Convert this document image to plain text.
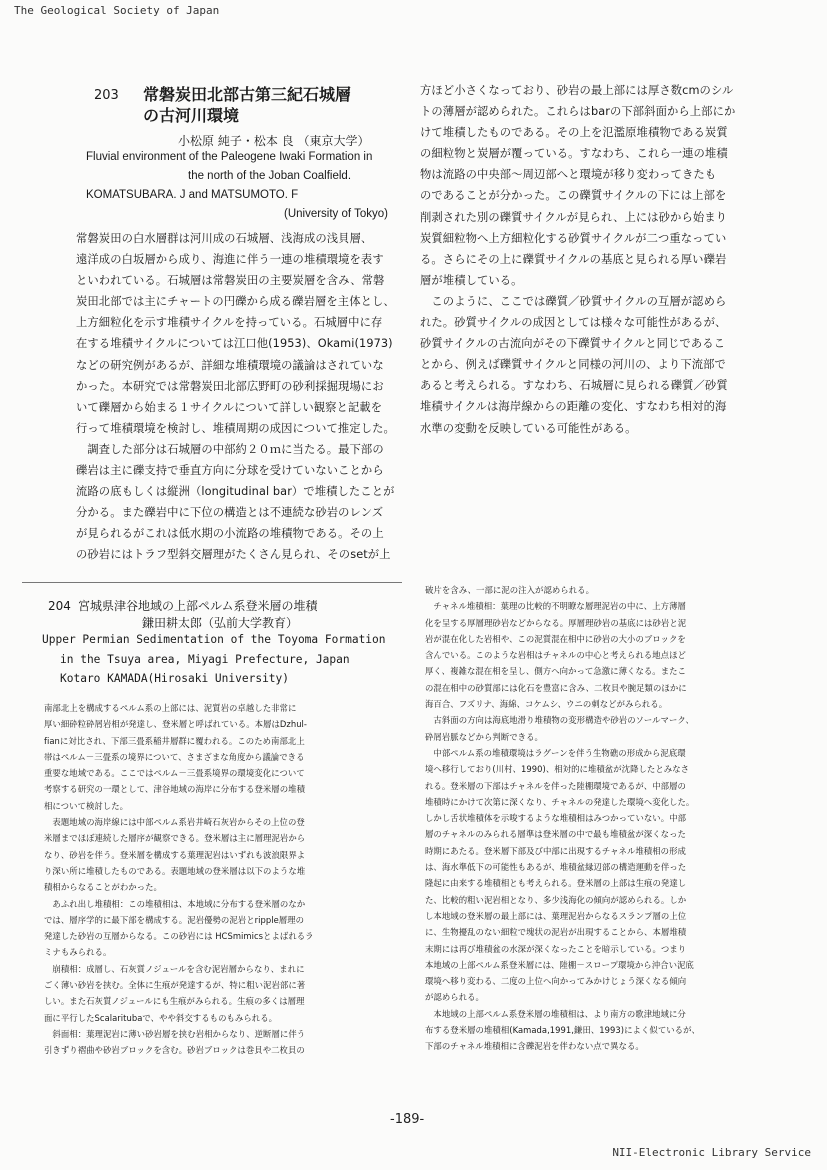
The Geological Society of Japan
203 常磐炭田北部古第三紀石城層
の古河川環境
小松原 純子・松本 良 （東京大学）
Fluvial environment of the Paleogene Iwaki Formation in
the north of the Joban Coalfield.
KOMATSUBARA. J and MATSUMOTO. F
(University of Tokyo)

常磐炭田の白水層群は河川成の石城層、浅海成の浅貝層、

遠洋成の白坂層から成り、海進に伴う一連の堆積環境を表す

といわれている。石城層は常磐炭田の主要炭層を含み、常磐

炭田北部では主にチャートの円礫から成る礫岩層を主体とし、

上方細粒化を示す堆積サイクルを持っている。石城層中に存

在する堆積サイクルについては江口他(1953)、Okami(1973)

などの研究例があるが、詳細な堆積環境の議論はされていな

かった。本研究では常磐炭田北部広野町の砂利採掘現場にお

いて礫層から始まる１サイクルについて詳しい観察と記載を

行って堆積環境を検討し、堆積周期の成因について推定した。

　調査した部分は石城層の中部約２０ｍに当たる。最下部の

礫岩は主に礫支持で垂直方向に分球を受けていないことから

流路の底もしくは縦洲（longitudinal bar）で堆積したことが

分かる。また礫岩中に下位の構造とは不連続な砂岩のレンズ

が見られるがこれは低水期の小流路の堆積物である。その上

の砂岩にはトラフ型斜交層理がたくさん見られ、そのsetが上

方ほど小さくなっており、砂岩の最上部には厚さ数cmのシル

トの薄層が認められた。これらはbarの下部斜面から上部にか

けて堆積したものである。その上を氾濫原堆積物である炭質

の細粒物と炭層が覆っている。すなわち、これら一連の堆積

物は流路の中央部～周辺部へと環境が移り変わってきたも

のであることが分かった。この礫質サイクルの下には上部を

削剥された別の礫質サイクルが見られ、上には砂から始まり

炭質細粒物へ上方細粒化する砂質サイクルが二つ重なってい

る。さらにその上に礫質サイクルの基底と見られる厚い礫岩

層が堆積している。

　このように、ここでは礫質／砂質サイクルの互層が認めら

れた。砂質サイクルの成因としては様々な可能性があるが、

砂質サイクルの古流向がその下礫質サイクルと同じであるこ

とから、例えば礫質サイクルと同様の河川の、より下流部で

あると考えられる。すなわち、石城層に見られる礫質／砂質

堆積サイクルは海岸線からの距離の変化、すなわち相対的海

水準の変動を反映している可能性がある。

204 宮城県津谷地域の上部ペルム系登米層の堆積
鎌田耕太郎（弘前大学教育）
Upper Permian Sedimentation of the Toyoma Formation
in the Tsuya area, Miyagi Prefecture, Japan
Kotaro KAMADA(Hirosaki University)

南部北上を構成するペルム系の上部には、泥質岩の卓越した非常に

厚い細砕粒砕屑岩相が発達し、登米層と呼ばれている。本層はDzhul-

fianに対比され、下部三畳系稲井層群に覆われる。このため南部北上

帯はペルム－三畳系の境界について、さまざまな角度から議論できる

重要な地域である。ここではペルム－三畳系境界の環境変化について

考察する研究の一環として、津谷地域の海岸に分布する登米層の堆積

相について検討した。

　表題地域の海岸線には中部ペルム系岩井崎石灰岩からその上位の登

米層までほぼ連続した層序が観察できる。登米層は主に層理泥岩から

なり、砂岩を伴う。登米層を構成する葉理泥岩はいずれも波浪限界よ

り深い所に堆積したものである。表題地域の登米層は以下のような堆

積相からなることがわかった。

　あふれ出し堆積相：この堆積相は、本地域に分布する登米層のなか

では、層序学的に最下部を構成する。泥岩優勢の泥岩とripple層理の

発達した砂岩の互層からなる。この砂岩には HCSmimicsとよばれるラ

ミナもみられる。

　崩積相：成層し、石灰質ノジュールを含む泥岩層からなり、まれに

ごく薄い砂岩を挟む。全体に生痕が発達するが、特に粗い泥岩部に著

しい。また石灰質ノジュールにも生痕がみられる。生痕の多くは層理

面に平行したScalaritubaで、やや斜交するものもみられる。

　斜面相：葉理泥岩に薄い砂岩層を挟む岩相からなり、逆断層に伴う

引きずり褶曲や砂岩ブロックを含む。砂岩ブロックは巻貝や二枚貝の

破片を含み、一部に泥の注入が認められる。

　チャネル堆積相：葉理の比較的不明瞭な層理泥岩の中に、上方薄層

化を呈する厚層理砂岩などからなる。厚層理砂岩の基底には砂岩と泥

岩が混在化した岩相や、この泥質混在相中に砂岩の大小のブロックを

含んでいる。このような岩相はチャネルの中心と考えられる地点ほど

厚く、複雑な混在相を呈し、側方へ向かって急激に薄くなる。またこ

の混在相中の砂質部には化石を豊富に含み、二枚貝や腕足類のほかに

海百合、フズリナ、海綿、コケムシ、ウニの刺などがみられる。

　古斜面の方向は海底地滑り堆積物の変形構造や砂岩のソールマーク、

砕屑岩脈などから判断できる。

　中部ペルム系の堆積環境はラグーンを伴う生物礁の形成から泥底環

境へ移行しており(川村、1990)、相対的に堆積盆が沈降したとみなさ

れる。登米層の下部はチャネルを伴った陸棚環境であるが、中部層の

堆積時にかけて次第に深くなり、チャネルの発達した環境へ変化した。

しかし舌状堆積体を示唆するような堆積相はみつかっていない。中部

層のチャネルのみられる層準は登米層の中で最も堆積盆が深くなった

時期にあたる。登米層下部及び中部に出現するチャネル堆積相の形成

は、海水準低下の可能性もあるが、堆積盆縁辺部の構造運動を伴った

隆起に由来する堆積相とも考えられる。登米層の上部は生痕の発達し

た、比較的粗い泥岩相となり、多少浅海化の傾向が認められる。しか

し本地域の登米層の最上部には、葉理泥岩からなるスランプ層の上位

に、生物擾乱のない細粒で塊状の泥岩が出現することから、本層堆積

末期には再び堆積盆の水深が深くなったことを暗示している。つまり

本地域の上部ペルム系登米層には、陸棚－スロープ環境から沖合い泥底

環境へ移り変わる、二度の上位へ向かってみかけじょう深くなる傾向

が認められる。

　本地域の上部ペルム系登米層の堆積相は、より南方の歌津地域に分

布する登米層の堆積相(Kamada,1991,鎌田、1993)によく似ているが、

下部のチャネル堆積相に含礫泥岩を伴わない点で異なる。

-189-
NII-Electronic Library Service
